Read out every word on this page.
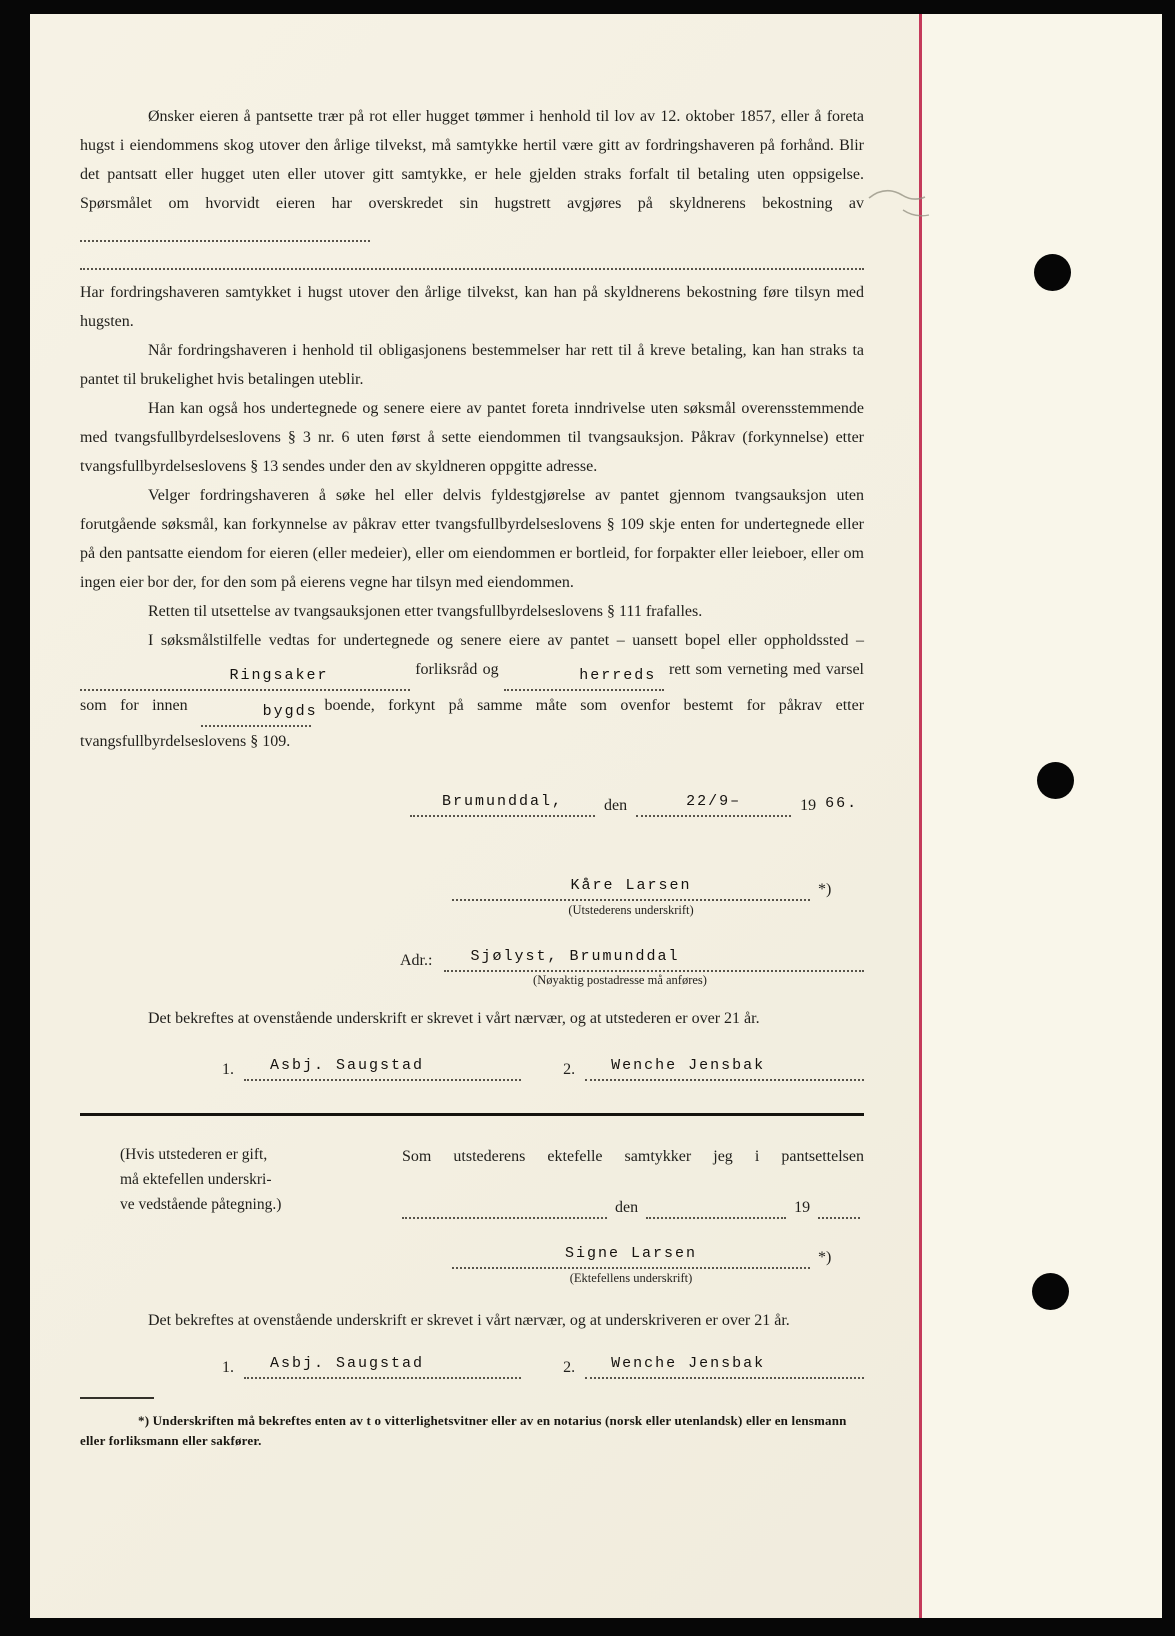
Ønsker eieren å pantsette trær på rot eller hugget tømmer i henhold til lov av 12. oktober 1857, eller å foreta hugst i eiendommens skog utover den årlige tilvekst, må samtykke hertil være gitt av fordringshaveren på forhånd. Blir det pantsatt eller hugget uten eller utover gitt samtykke, er hele gjelden straks forfalt til betaling uten oppsigelse. Spørsmålet om hvorvidt eieren har overskredet sin hugstrett avgjøres på skyldnerens bekostning av

Har fordringshaveren samtykket i hugst utover den årlige tilvekst, kan han på skyldnerens bekostning føre tilsyn med hugsten.

Når fordringshaveren i henhold til obligasjonens bestemmelser har rett til å kreve betaling, kan han straks ta pantet til brukelighet hvis betalingen uteblir.

Han kan også hos undertegnede og senere eiere av pantet foreta inndrivelse uten søksmål overensstemmende med tvangsfullbyrdelseslovens § 3 nr. 6 uten først å sette eiendommen til tvangsauksjon. Påkrav (forkynnelse) etter tvangsfullbyrdelseslovens § 13 sendes under den av skyldneren oppgitte adresse.

Velger fordringshaveren å søke hel eller delvis fyldestgjørelse av pantet gjennom tvangsauksjon uten forutgående søksmål, kan forkynnelse av påkrav etter tvangsfullbyrdelseslovens § 109 skje enten for undertegnede eller på den pantsatte eiendom for eieren (eller medeier), eller om eiendommen er bortleid, for forpakter eller leieboer, eller om ingen eier bor der, for den som på eierens vegne har tilsyn med eiendommen.

Retten til utsettelse av tvangsauksjonen etter tvangsfullbyrdelseslovens § 111 frafalles.

I søksmålstilfelle vedtas for undertegnede og senere eiere av pantet – uansett bopel eller oppholdssted –
Ringsaker	forliksråd og	herreds rett som verneting med varsel som for innen	bygds boende, forkynt på samme måte som ovenfor bestemt for påkrav etter tvangsfullbyrdelseslovens § 109.

Brumunddal,	den	22/9–	19 66.
Kåre Larsen	*)
(Utstederens underskrift)
Adr.:	Sjølyst, Brumunddal
(Nøyaktig postadresse må anføres)

Det bekreftes at ovenstående underskrift er skrevet i vårt nærvær, og at utstederen er over 21 år.

1. Asbj. Saugstad	2. Wenche Jensbak
(Hvis utstederen er gift,
må ektefellen underskri-
ve vedstående påtegning.)

Som utstederens ektefelle samtykker jeg i pantsettelsen

den	19
Signe Larsen	*)
(Ektefellens underskrift)

Det bekreftes at ovenstående underskrift er skrevet i vårt nærvær, og at underskriveren er over 21 år.

1. Asbj. Saugstad	2. Wenche Jensbak

*) Underskriften må bekreftes enten av t o vitterlighetsvitner eller av en notarius (norsk eller utenlandsk) eller en lensmann eller forliksmann eller sakfører.
